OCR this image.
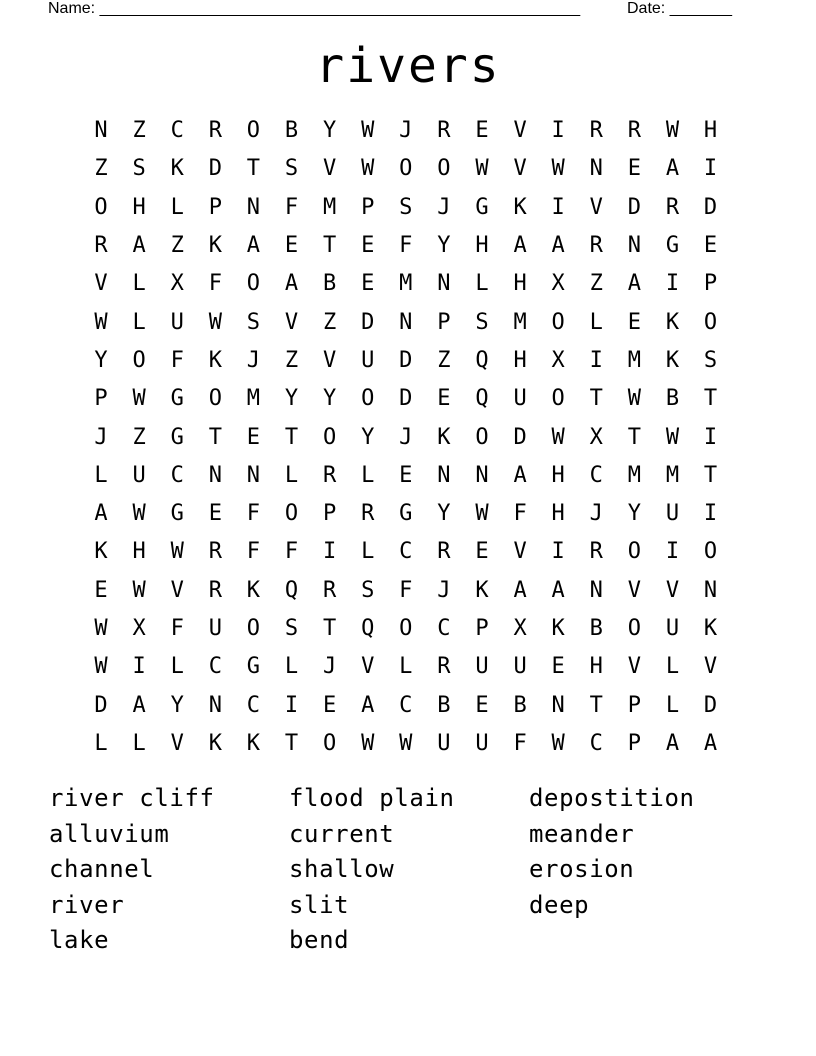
Name: ______________________________________________________	Date: _______
rivers
N	Z	C	R	O	B	Y	W	J	R	E	V	I	R	R	W	H
Z	S	K	D	T	S	V	W	O	O	W	V	W	N	E	A	I
O	H	L	P	N	F	M	P	S	J	G	K	I	V	D	R	D
R	A	Z	K	A	E	T	E	F	Y	H	A	A	R	N	G	E
V	L	X	F	O	A	B	E	M	N	L	H	X	Z	A	I	P
W	L	U	W	S	V	Z	D	N	P	S	M	O	L	E	K	O
Y	O	F	K	J	Z	V	U	D	Z	Q	H	X	I	M	K	S
P	W	G	O	M	Y	Y	O	D	E	Q	U	O	T	W	B	T
J	Z	G	T	E	T	O	Y	J	K	O	D	W	X	T	W	I
L	U	C	N	N	L	R	L	E	N	N	A	H	C	M	M	T
A	W	G	E	F	O	P	R	G	Y	W	F	H	J	Y	U	I
K	H	W	R	F	F	I	L	C	R	E	V	I	R	O	I	O
E	W	V	R	K	Q	R	S	F	J	K	A	A	N	V	V	N
W	X	F	U	O	S	T	Q	O	C	P	X	K	B	O	U	K
W	I	L	C	G	L	J	V	L	R	U	U	E	H	V	L	V
D	A	Y	N	C	I	E	A	C	B	E	B	N	T	P	L	D
L	L	V	K	K	T	O	W	W	U	U	F	W	C	P	A	A
river cliff
alluvium
channel
river
lake
flood plain
current
shallow
slit
bend
depostition
meander
erosion
deep
